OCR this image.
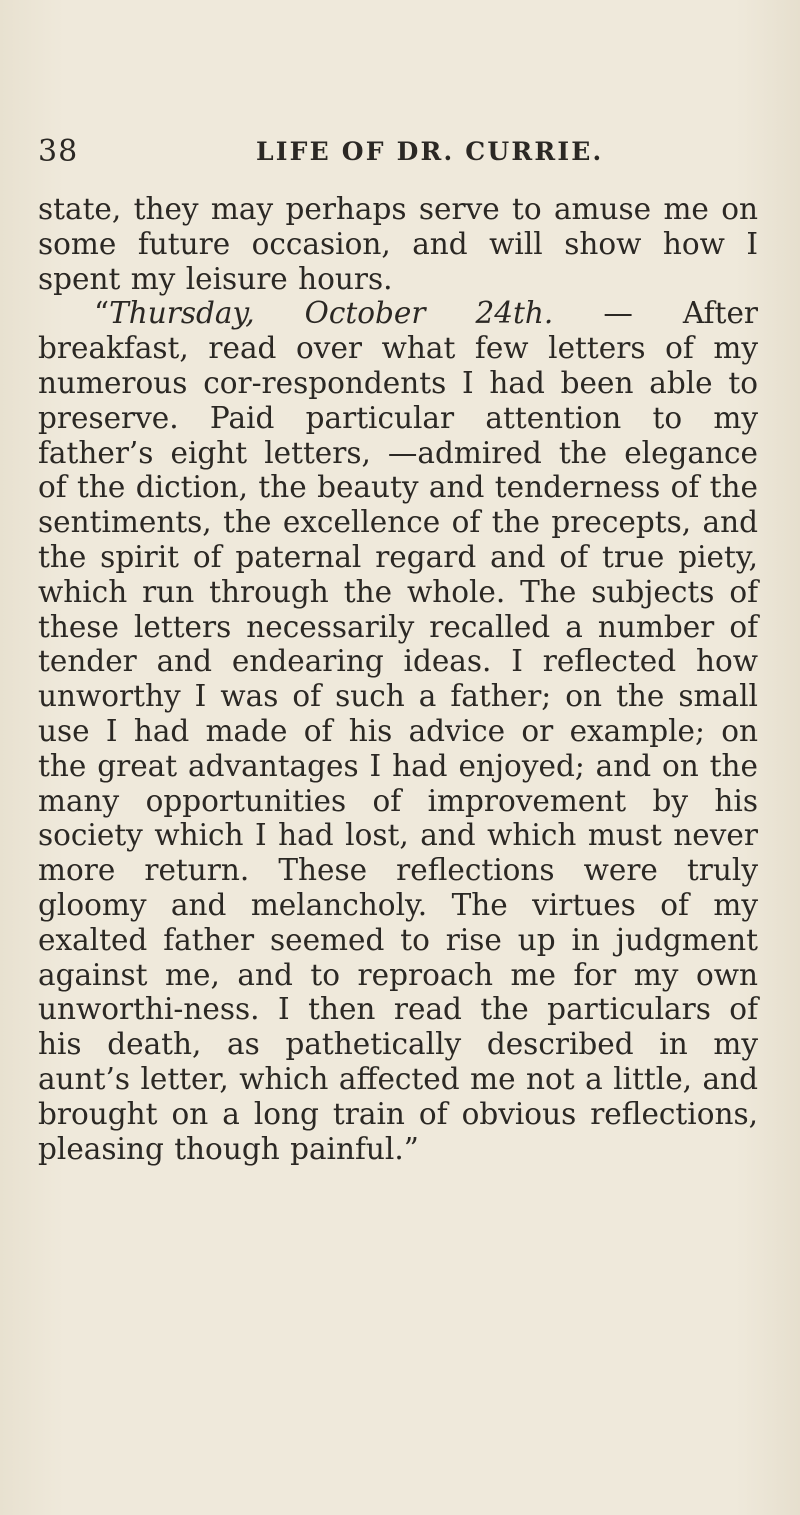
38	LIFE OF DR. CURRIE.

state, they may perhaps serve to amuse me on some future occasion, and will show how I spent my leisure hours.

“Thursday, October 24th. — After breakfast, read over what few letters of my numerous cor-respondents I had been able to preserve. Paid particular attention to my father’s eight letters, —admired the elegance of the diction, the beauty and tenderness of the sentiments, the excellence of the precepts, and the spirit of paternal regard and of true piety, which run through the whole. The subjects of these letters necessarily recalled a number of tender and endearing ideas. I reflected how unworthy I was of such a father; on the small use I had made of his advice or example; on the great advantages I had enjoyed; and on the many opportunities of improvement by his society which I had lost, and which must never more return. These reflections were truly gloomy and melancholy. The virtues of my exalted father seemed to rise up in judgment against me, and to reproach me for my own unworthi-ness. I then read the particulars of his death, as pathetically described in my aunt’s letter, which affected me not a little, and brought on a long train of obvious reflections, pleasing though painful.”
